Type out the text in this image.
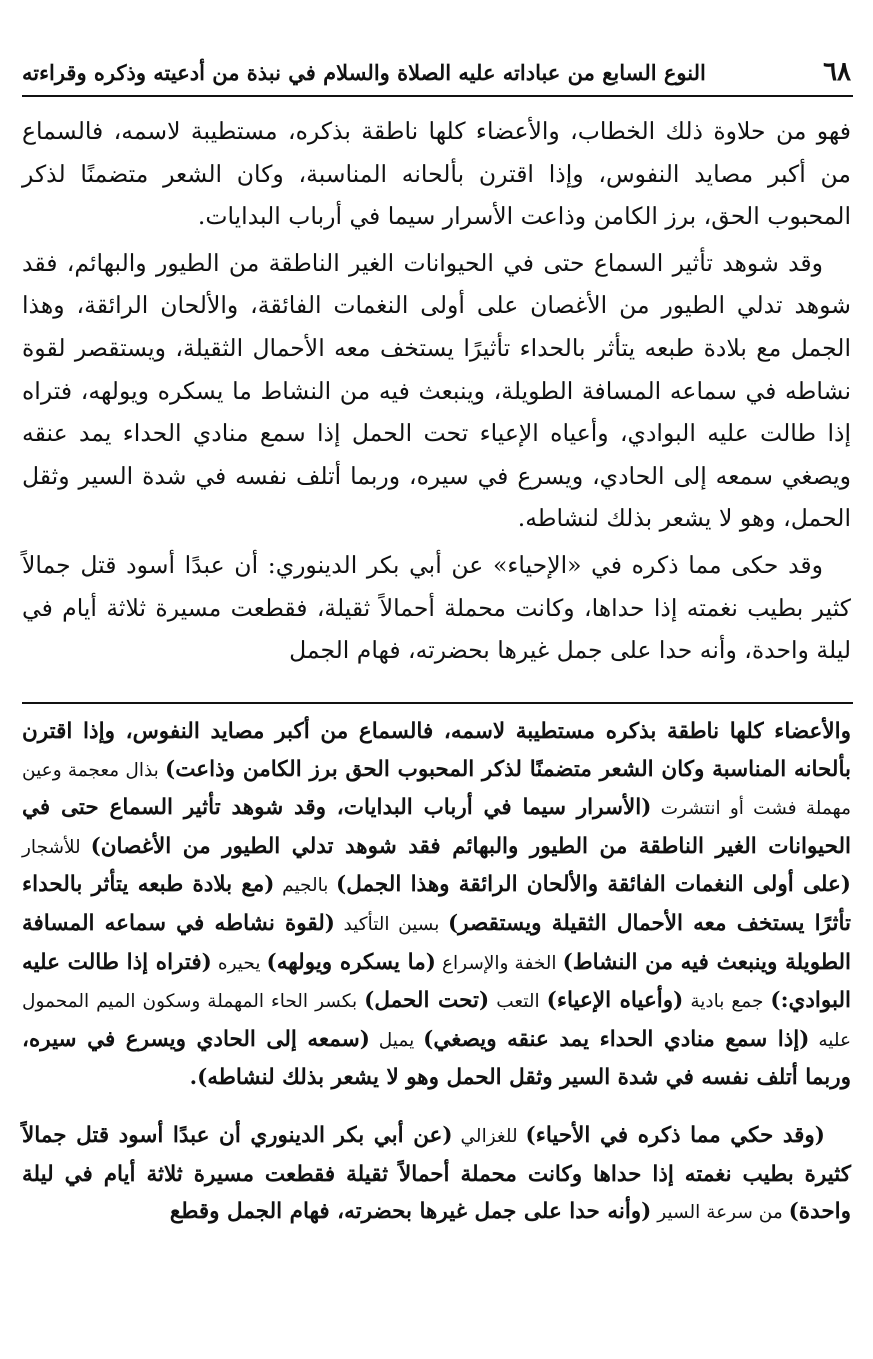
٦٨
النوع السابع من عباداته عليه الصلاة والسلام في نبذة من أدعيته وذكره وقراءته

فهو من حلاوة ذلك الخطاب، والأعضاء كلها ناطقة بذكره، مستطيبة لاسمه، فالسماع من أكبر مصايد النفوس، وإذا اقترن بألحانه المناسبة، وكان الشعر متضمنًا لذكر المحبوب الحق، برز الكامن وذاعت الأسرار سيما في أرباب البدايات.

وقد شوهد تأثير السماع حتى في الحيوانات الغير الناطقة من الطيور والبهائم، فقد شوهد تدلي الطيور من الأغصان على أولى النغمات الفائقة، والألحان الرائقة، وهذا الجمل مع بلادة طبعه يتأثر بالحداء تأثيرًا يستخف معه الأحمال الثقيلة، ويستقصر لقوة نشاطه في سماعه المسافة الطويلة، وينبعث فيه من النشاط ما يسكره ويولهه، فتراه إذا طالت عليه البوادي، وأعياه الإعياء تحت الحمل إذا سمع منادي الحداء يمد عنقه ويصغي سمعه إلى الحادي، ويسرع في سيره، وربما أتلف نفسه في شدة السير وثقل الحمل، وهو لا يشعر بذلك لنشاطه.

وقد حكى مما ذكره في «الإحياء» عن أبي بكر الدينوري: أن عبدًا أسود قتل جمالاً كثير بطيب نغمته إذا حداها، وكانت محملة أحمالاً ثقيلة، فقطعت مسيرة ثلاثة أيام في ليلة واحدة، وأنه حدا على جمل غيرها بحضرته، فهام الجمل

والأعضاء كلها ناطقة بذكره مستطيبة لاسمه، فالسماع من أكبر مصايد النفوس، وإذا اقترن بألحانه المناسبة وكان الشعر متضمنًا لذكر المحبوب الحق برز الكامن وذاعت) بذال معجمة وعين مهملة فشت أو انتشرت (الأسرار سيما في أرباب البدايات، وقد شوهد تأثير السماع حتى في الحيوانات الغير الناطقة من الطيور والبهائم فقد شوهد تدلي الطيور من الأغصان) للأشجار (على أولى النغمات الفائقة والألحان الرائقة وهذا الجمل) بالجيم (مع بلادة طبعه يتأثر بالحداء تأثرًا يستخف معه الأحمال الثقيلة ويستقصر) بسين التأكيد (لقوة نشاطه في سماعه المسافة الطويلة وينبعث فيه من النشاط) الخفة والإسراع (ما يسكره ويولهه) يحيره (فتراه إذا طالت عليه البوادي:) جمع بادية (وأعياه الإعياء) التعب (تحت الحمل) بكسر الحاء المهملة وسكون الميم المحمول عليه (إذا سمع منادي الحداء يمد عنقه ويصغي) يميل (سمعه إلى الحادي ويسرع في سيره، وربما أتلف نفسه في شدة السير وثقل الحمل وهو لا يشعر بذلك لنشاطه).

(وقد حكي مما ذكره في الأحياء) للغزالي (عن أبي بكر الدينوري أن عبدًا أسود قتل جمالاً كثيرة بطيب نغمته إذا حداها وكانت محملة أحمالاً ثقيلة فقطعت مسيرة ثلاثة أيام في ليلة واحدة) من سرعة السير (وأنه حدا على جمل غيرها بحضرته، فهام الجمل وقطع
